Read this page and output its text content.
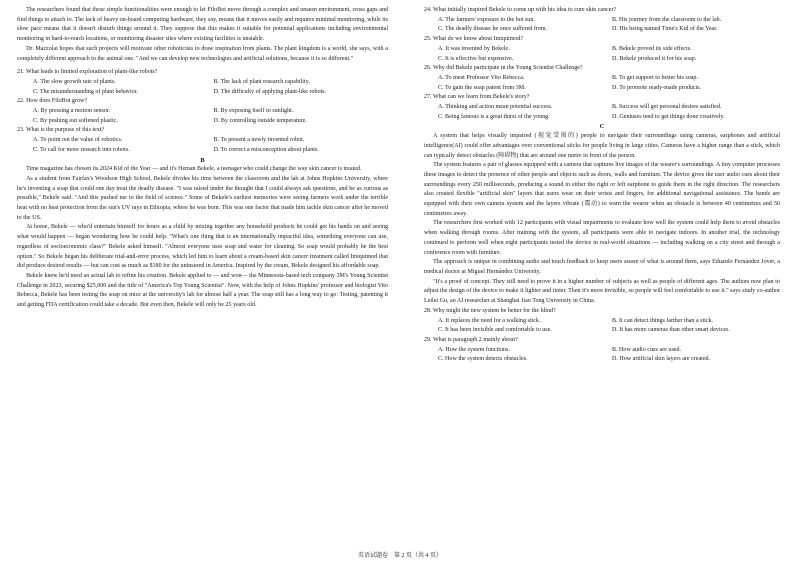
The researchers found that these simple functionalities were enough to let FiloBot move through a complex and unseen environment, cross gaps and find things to attach to. The lack of heavy on-board computing hardware, they say, means that it moves easily and requires minimal monitoring, while its slow pace means that it doesn't disturb things around it. They suppose that this makes it suitable for potential applications including environmental monitoring in hard-to-reach locations, or monitoring disaster sites where existing facilities is unstable.

Dr. Mazzolai hopes that such projects will motivate other roboticists to draw inspiration from plants. The plant kingdom is a world, she says, with a completely different approach to the animal one. "And we can develop new technologies and artificial solutions, because it is so different."

21. What leads to limited exploration of plant-like robots?
A. The slow growth rate of plants.	B. The lack of plant research capability.
C. The misunderstanding of plant behavior.	D. The difficulty of applying plant-like robots.
22. How does FiloBot grow?
A. By pressing a motion sensor.	B. By exposing itself to sunlight.
C. By pushing out softened plastic.	D. By controlling outside temperature.
23. What is the purpose of this text?
A. To point out the value of robotics.	B. To present a newly invented robot.
C. To call for more research into robots.	D. To correct a misconception about plants.
B

Time magazine has chosen its 2024 Kid of the Year — and it's Heman Bekele, a teenager who could change the way skin cancer is treated.

As a student from Fairfax's Woodson High School, Bekele divides his time between the classroom and the lab at Johns Hopkins University, where he's inventing a soap that could one day treat the deadly disease. "I was raised under the thought that I could always ask questions, and be as curious as possible," Bekele said. "And this pushed me to the field of science." Some of Bekele's earliest memories were seeing farmers work under the terrible heat with no heat protection from the sun's UV rays in Ethiopia, where he was born. This was one factor that made him tackle skin cancer after he moved to the US.

At home, Bekele — who'd entertain himself for hours as a child by mixing together any household products he could get his hands on and seeing what would happen — began wondering how he could help. "What's one thing that is an internationally impactful idea, something everyone can use, regardless of socioeconomic class?" Bekele asked himself. "Almost everyone uses soap and water for cleaning. So soap would probably be the best option." So Bekele began his deliberate trial-and-error process, which led him to learn about a cream-based skin cancer treatment called Imiquimod that did produce desired results — but can cost as much as $180 for the uninsured in America. Inspired by the cream, Bekele designed his affordable soap.

Bekele knew he'd need an actual lab to refine his creation. Bekele applied to — and won— the Minnesota-based tech company 3M's Young Scientist Challenge in 2023, securing $25,000 and the title of "America's Top Young Scientist". Now, with the help of Johns Hopkins' professor and biologist Vito Rebecca, Bekele has been testing the soap on mice at the university's lab for almost half a year. The soap still has a long way to go: Testing, patenting it and getting FDA certification could take a decade. But even then, Bekele will only be 25 years old.

24. What initially inspired Bekele to come up with his idea to cure skin cancer?
A. The farmers' exposure to the hot sun.	B. His journey from the classroom to the lab.
C. The deadly disease he once suffered from.	D. His being named Time's Kid of the Year.
25. What do we know about Imiquimod?
A. It was invented by Bekele.	B. Bekele proved its side effects.
C. It is effective but expensive.	D. Bekele produced it for his soap.
26. Why did Bekele participate in the Young Scientist Challenge?
A. To meet Professor Vito Rebecca.	B. To get support to better his soap.
C. To gain the soap patent from 3M.	D. To promote ready-made products.
27. What can we learn from Bekele's story?
A. Thinking and action mean potential success.	B. Success will get personal desires satisfied.
C. Being famous is a great thirst of the young.	D. Geniuses tend to get things done creatively.
C

A system that helps visually impaired (视觉受损的) people to navigate their surroundings using cameras, earphones and artificial intelligence(AI) could offer advantages over conventional sticks for people living in large cities. Cameras have a higher range than a stick, which can typically detect obstacles (障碍物) that are around one metre in front of the person.

The system features a pair of glasses equipped with a camera that captures live images of the wearer's surroundings. A tiny computer processes these images to detect the presence of other people and objects such as doors, walls and furniture. The device gives the user audio cues about their surroundings every 250 milliseconds, producing a sound in either the right or left earphone to guide them in the right direction. The researchers also created flexible "artificial skin" layers that users wear on their wrists and fingers, for additional navigational assistance. The bands are equipped with their own camera system and the layers vibrate (震动) to warn the wearer when an obstacle is between 40 centimetres and 50 centimetres away.

The researchers first worked with 12 participants with visual impairments to evaluate how well the system could help them to avoid obstacles when walking through rooms. After training with the system, all participants were able to navigate indoors. In another trial, the technology continued to perform well when eight participants tested the device in real-world situations — including walking on a city street and through a conference room with furniture.

The approach is unique in combining audio and touch feedback to keep users aware of what is around them, says Eduardo Fernández Jover, a medical doctor at Miguel Hernández University.

"It's a proof of concept. They still need to prove it in a higher number of subjects as well as people of different ages. The authors now plan to adjust the design of the device to make it lighter and tinier. Then it's more invisible, so people will feel comfortable to use it." says study co-author Leilei Gu, an AI researcher at Shanghai Jiao Tong University in China.

28. Why might the new system be better for the blind?
A. It replaces the need for a walking stick.	B. It can detect things farther than a stick.
C. It has been invisible and comfortable to use.	D. It has more cameras than other smart devices.
29. What is paragraph 2 mainly about?
A. How the system functions.	B. How audio cues are used.
C. How the system detects obstacles.	D. How artificial skin layers are created.
英语试题卷　第 2 页（共 4 页）
